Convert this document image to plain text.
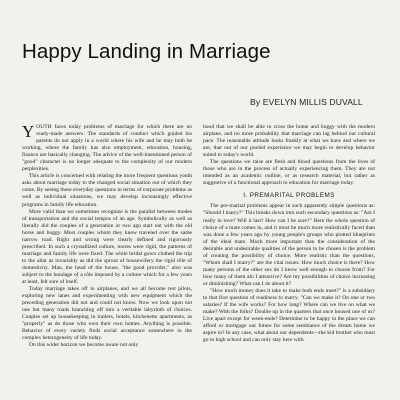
Happy Landing in Marriage
By EVELYN MILLIS DUVALL

YOUTH faces today problems of marriage for which there are no ready-made answers. The standards of conduct which guided his parents do not apply in a world where his wife and he may both be working, where the family has also employment, education, housing, finance are basically changing. The advice of the well-intentioned person of "good" character is no longer adequate to the complexity of our modern perplexities.

This article is concerned with relating the more frequent questions youth asks about marriage today to the changed social situation out of which they come. By seeing these everyday questions in terms of corporate problems as well as individual situations, we may develop increasingly effective programs in family life education.

More valid than we sometimes recognize is the parallel between modes of transportation and the social tempos of an age. Symbolically as well as literally did the couples of a generation or two ago start out with the old horse and buggy. Most couples whom they knew traveled over the same narrow road. Right and wrong were clearly defined and rigorously prescribed. In such a crystallized culture, mores were rigid, the patterns of marriage and family life were fixed. The white bridal gown clothed the trip to the altar as invariably as did the sprout of housewifery the rigid rôle of domesticity. Man, the head of the house, "the good provider," also was subject to the bondage of a rôle imposed by a culture which for a few years at least, felt sure of itself.

Today marriage takes off in airplanes, and we all become test pilots, exploring new lanes and experimenting with new equipment which the preceding generation did not and could not know. Now we look upon not one but many roads branching off into a veritable labyrinth of choices. Couples set up housekeeping in trailers, hotels, kitchenette apartments, as "properly" as do those who own their own homes. Anything is possible. Behavior of every variety finds social acceptance somewhere in the complex heterogeneity of life today.

On this wider horizon we become aware not only

hood that we shall be able to cross the home and buggy with the modern airplane, and no more probability that marriage can lag behind our cultural pace. The reasonable attitude looks frankly at what we have and where we are, that out of our pooled experience we may begin to develop behavior suited to today's world.

The questions we raise are flesh and blood questions from the lives of those who are in the process of actually experiencing them. They are not intended as an academic outline, or as research material, but rather as suggestive of a functional approach to education for marriage today.

I. PREMARITAL PROBLEMS

The pre-marital problems appear in such apparently simple questions as: "Should I marry?" This breaks down into such secondary questions as: "Am I really in love? Will it last? How can I be sure?" Here the whole question of choice of a mate comes in, and it must be much more realistically faced than was done a few years ago by young people's groups who plotted blueprints of the ideal mate. Much more important than the consideration of the desirable and undesirable qualities of the person to be chosen is the problem of creating the possibility of choice. More realistic than the questions, "Whom shall I marry?" are the vital issues: How much choice is there? How many persons of the other sex do I know well enough to choose from? For how many of them am I attractive? Are my possibilities of choice increasing or diminishing? What can I do about it?

"How much money does it take to make both ends meet?" is a subsidiary to that first question of readiness to marry. "Can we make it? On one or two salaries? If the wife works? For how long? Where can we live on what we make? With the folks? Double up in the quarters that once housed one of us? Live apart except for week-ends? Determine to be happy in the place we can afford or mortgage our future for some semblance of the dream home we aspire to? In any case, what about our dependents—the kid brother who must go to high school and can only stay here with
